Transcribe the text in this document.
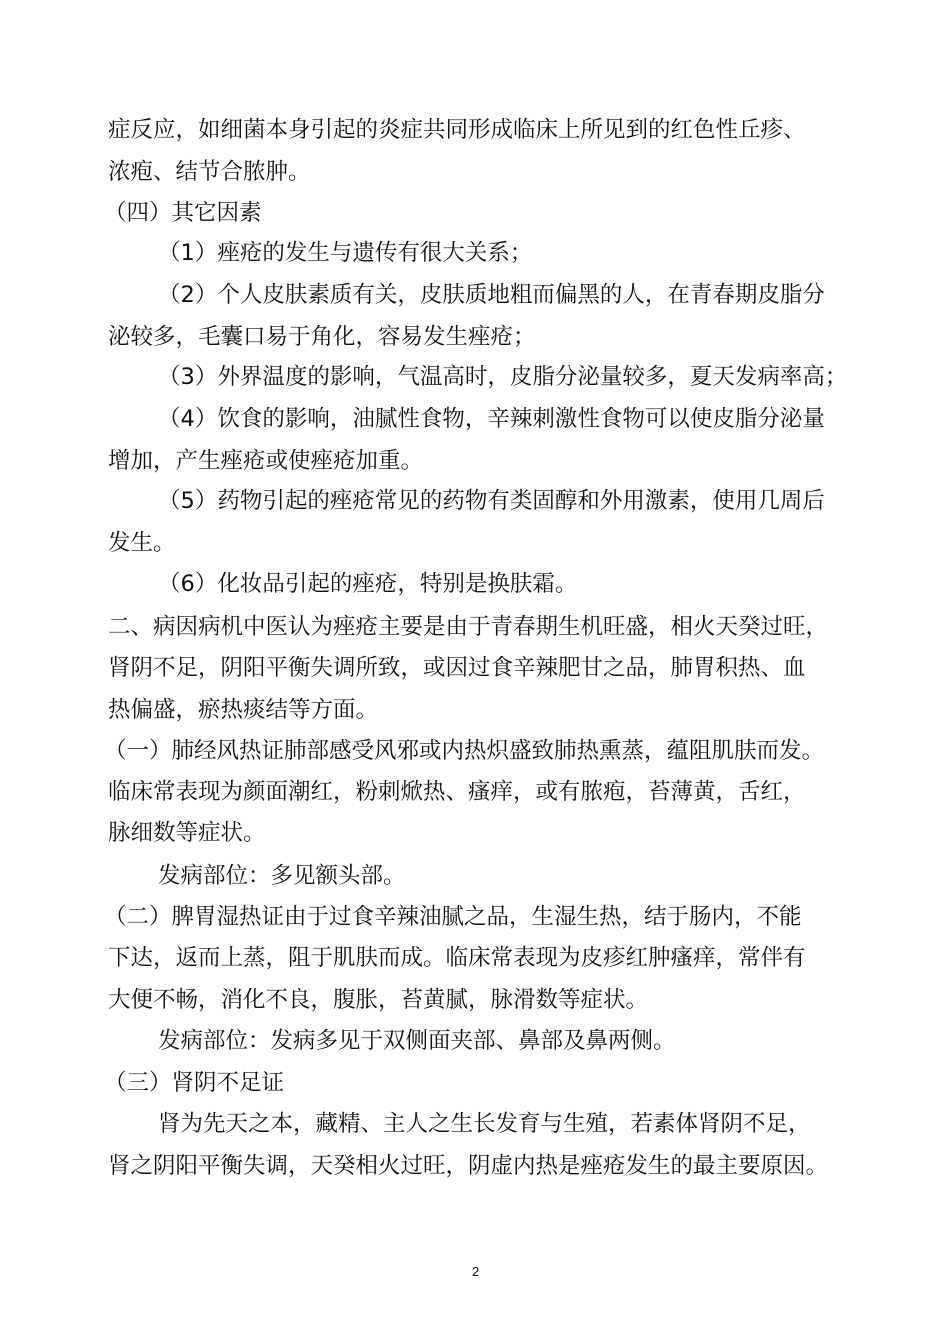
症反应，如细菌本身引起的炎症共同形成临床上所见到的红色性丘疹、
浓疱、结节合脓肿。
（四）其它因素
（1）痤疮的发生与遗传有很大关系；
（2）个人皮肤素质有关，皮肤质地粗而偏黑的人，在青春期皮脂分
泌较多，毛囊口易于角化，容易发生痤疮；
（3）外界温度的影响，气温高时，皮脂分泌量较多，夏天发病率高；
（4）饮食的影响，油腻性食物，辛辣刺激性食物可以使皮脂分泌量
增加，产生痤疮或使痤疮加重。
（5）药物引起的痤疮常见的药物有类固醇和外用激素，使用几周后
发生。
（6）化妆品引起的痤疮，特别是换肤霜。
二、病因病机中医认为痤疮主要是由于青春期生机旺盛，相火天癸过旺，
肾阴不足，阴阳平衡失调所致，或因过食辛辣肥甘之品，肺胃积热、血
热偏盛，瘀热痰结等方面。
（一）肺经风热证肺部感受风邪或内热炽盛致肺热熏蒸，蕴阻肌肤而发。
临床常表现为颜面潮红，粉刺焮热、瘙痒，或有脓疱，苔薄黄，舌红，
脉细数等症状。
发病部位：多见额头部。
（二）脾胃湿热证由于过食辛辣油腻之品，生湿生热，结于肠内，不能
下达，返而上蒸，阻于肌肤而成。临床常表现为皮疹红肿瘙痒，常伴有
大便不畅，消化不良，腹胀，苔黄腻，脉滑数等症状。
发病部位：发病多见于双侧面夹部、鼻部及鼻两侧。
（三）肾阴不足证
肾为先天之本，藏精、主人之生长发育与生殖，若素体肾阴不足，
肾之阴阳平衡失调，天癸相火过旺，阴虚内热是痤疮发生的最主要原因。
2
